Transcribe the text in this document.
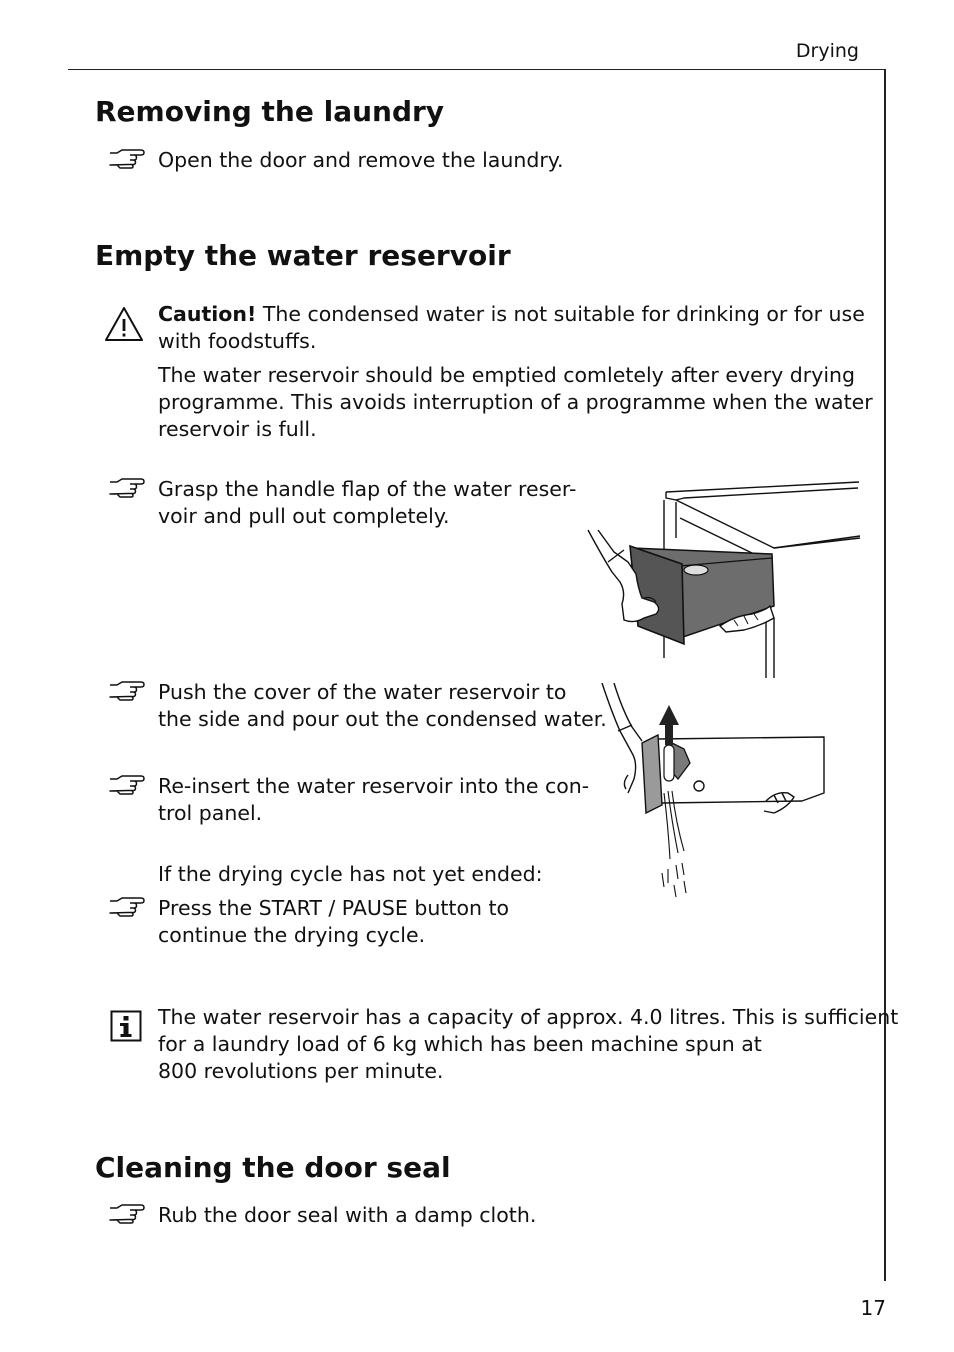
Drying
Removing the laundry
Open the door and remove the laundry.
Empty the water reservoir
Caution! The condensed water is not suitable for drinking or for use
with foodstuffs.
The water reservoir should be emptied comletely after every drying
programme. This avoids interruption of a programme when the water
reservoir is full.
Grasp the handle flap of the water reser-
voir and pull out completely.
Push the cover of the water reservoir to
the side and pour out the condensed water.
Re-insert the water reservoir into the con-
trol panel.
If the drying cycle has not yet ended:
Press the START / PAUSE button to
continue the drying cycle.
The water reservoir has a capacity of approx. 4.0 litres. This is sufficient
for a laundry load of 6 kg which has been machine spun at
800 revolutions per minute.
Cleaning the door seal
Rub the door seal with a damp cloth.
17
